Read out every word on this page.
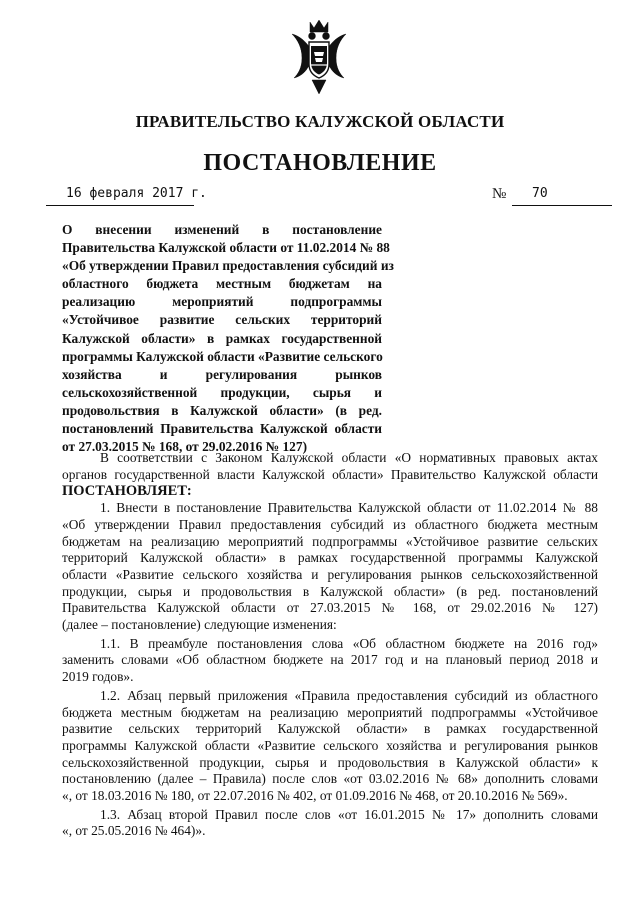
ПРАВИТЕЛЬСТВО КАЛУЖСКОЙ ОБЛАСТИ
ПОСТАНОВЛЕНИЕ
16 февраля 2017 г.	№ 70
О внесении изменений в постановление
Правительства Калужской области от 11.02.2014 № 88
«Об утверждении Правил предоставления субсидий из
областного бюджета местным бюджетам на
реализацию мероприятий подпрограммы
«Устойчивое развитие сельских территорий
Калужской области» в рамках государственной
программы Калужской области «Развитие сельского
хозяйства и регулирования рынков
сельскохозяйственной продукции, сырья и
продовольствия в Калужской области» (в ред.
постановлений Правительства Калужской области
от 27.03.2015 № 168, от 29.02.2016 № 127)
В соответствии с Законом Калужской области «О нормативных правовых актах
органов государственной власти Калужской области» Правительство Калужской области
ПОСТАНОВЛЯЕТ:
1. Внести в постановление Правительства Калужской области от 11.02.2014 № 88
«Об утверждении Правил предоставления субсидий из областного бюджета местным
бюджетам на реализацию мероприятий подпрограммы «Устойчивое развитие сельских
территорий Калужской области» в рамках государственной программы Калужской
области «Развитие сельского хозяйства и регулирования рынков сельскохозяйственной
продукции, сырья и продовольствия в Калужской области» (в ред. постановлений
Правительства Калужской области от 27.03.2015 № 168, от 29.02.2016 № 127)
(далее – постановление) следующие изменения:
1.1. В преамбуле постановления слова «Об областном бюджете на 2016 год»
заменить словами «Об областном бюджете на 2017 год и на плановый период 2018 и
2019 годов».
1.2. Абзац первый приложения «Правила предоставления субсидий из областного
бюджета местным бюджетам на реализацию мероприятий подпрограммы «Устойчивое
развитие сельских территорий Калужской области» в рамках государственной
программы Калужской области «Развитие сельского хозяйства и регулирования рынков
сельскохозяйственной продукции, сырья и продовольствия в Калужской области» к
постановлению (далее – Правила) после слов «от 03.02.2016 № 68» дополнить словами
«, от 18.03.2016 № 180, от 22.07.2016 № 402, от 01.09.2016 № 468, от 20.10.2016 № 569».
1.3. Абзац второй Правил после слов «от 16.01.2015 № 17» дополнить словами
«, от 25.05.2016 № 464)».
